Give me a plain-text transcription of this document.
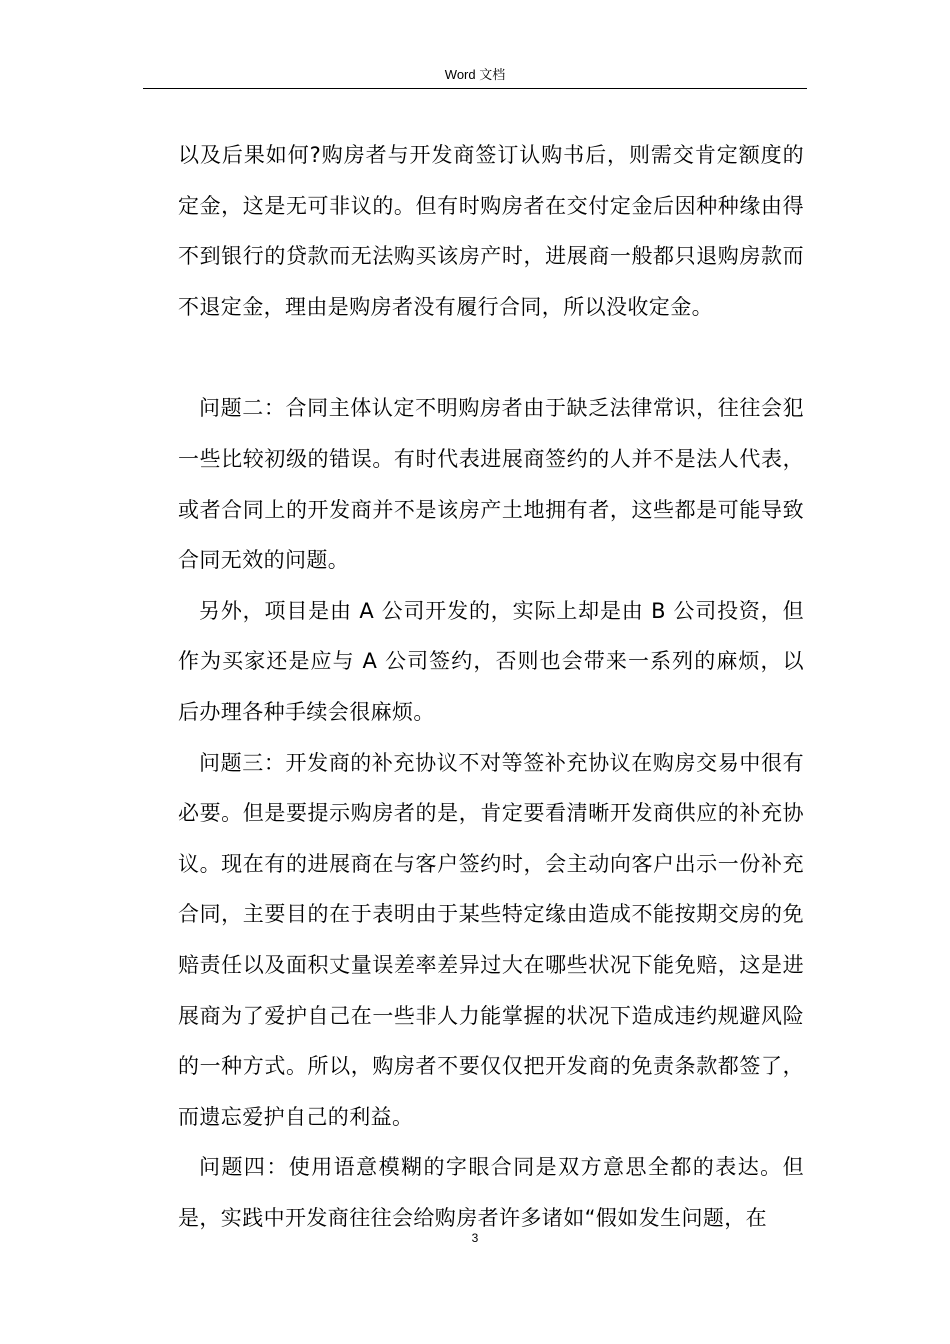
Word 文档

以及后果如何?购房者与开发商签订认购书后，则需交肯定额度的定金，这是无可非议的。但有时购房者在交付定金后因种种缘由得不到银行的贷款而无法购买该房产时，进展商一般都只退购房款而不退定金，理由是购房者没有履行合同，所以没收定金。

问题二：合同主体认定不明购房者由于缺乏法律常识，往往会犯一些比较初级的错误。有时代表进展商签约的人并不是法人代表，或者合同上的开发商并不是该房产土地拥有者，这些都是可能导致合同无效的问题。

另外，项目是由 A 公司开发的，实际上却是由 B 公司投资，但作为买家还是应与 A 公司签约，否则也会带来一系列的麻烦，以后办理各种手续会很麻烦。

问题三：开发商的补充协议不对等签补充协议在购房交易中很有必要。但是要提示购房者的是，肯定要看清晰开发商供应的补充协议。现在有的进展商在与客户签约时，会主动向客户出示一份补充合同，主要目的在于表明由于某些特定缘由造成不能按期交房的免赔责任以及面积丈量误差率差异过大在哪些状况下能免赔，这是进展商为了爱护自己在一些非人力能掌握的状况下造成违约规避风险的一种方式。所以，购房者不要仅仅把开发商的免责条款都签了，而遗忘爱护自己的利益。

问题四：使用语意模糊的字眼合同是双方意思全都的表达。但是，实践中开发商往往会给购房者许多诸如“假如发生问题，在

3
